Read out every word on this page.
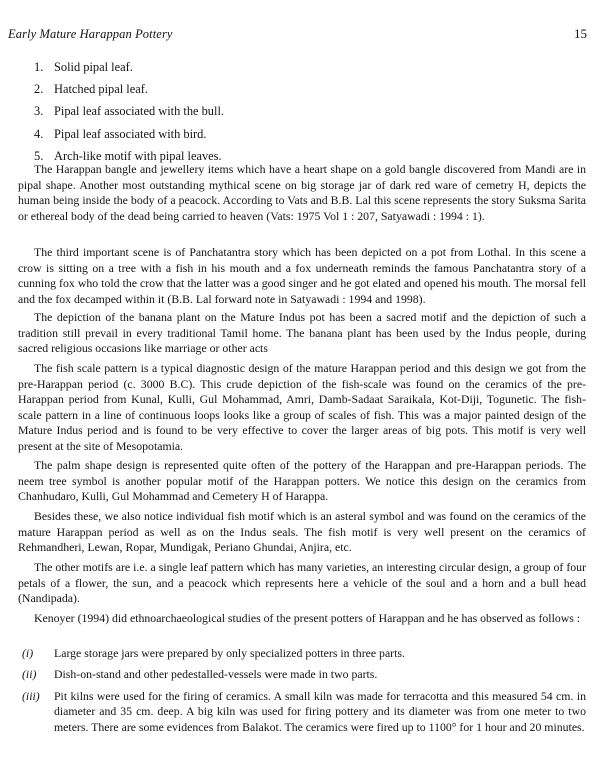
Early Mature Harappan Pottery	15
1. Solid pipal leaf.
2. Hatched pipal leaf.
3. Pipal leaf associated with the bull.
4. Pipal leaf associated with bird.
5. Arch-like motif with pipal leaves.

The Harappan bangle and jewellery items which have a heart shape on a gold bangle discovered from Mandi are in pipal shape. Another most outstanding mythical scene on big storage jar of dark red ware of cemetry H, depicts the human being inside the body of a peacock. According to Vats and B.B. Lal this scene represents the story Suksma Sarita or ethereal body of the dead being carried to heaven (Vats: 1975 Vol 1 : 207, Satyawadi : 1994 : 1).

The third important scene is of Panchatantra story which has been depicted on a pot from Lothal. In this scene a crow is sitting on a tree with a fish in his mouth and a fox underneath reminds the famous Panchatantra story of a cunning fox who told the crow that the latter was a good singer and he got elated and opened his mouth. The morsal fell and the fox decamped within it (B.B. Lal forward note in Satyawadi : 1994 and 1998).

The depiction of the banana plant on the Mature Indus pot has been a sacred motif and the depiction of such a tradition still prevail in every traditional Tamil home. The banana plant has been used by the Indus people, during sacred religious occasions like marriage or other acts

The fish scale pattern is a typical diagnostic design of the mature Harappan period and this design we got from the pre-Harappan period (c. 3000 B.C). This crude depiction of the fish-scale was found on the ceramics of the pre-Harappan period from Kunal, Kulli, Gul Mohammad, Amri, Damb-Sadaat Saraikala, Kot-Diji, Togunetic. The fish-scale pattern in a line of continuous loops looks like a group of scales of fish. This was a major painted design of the Mature Indus period and is found to be very effective to cover the larger areas of big pots. This motif is very well present at the site of Mesopotamia.

The palm shape design is represented quite often of the pottery of the Harappan and pre-Harappan periods. The neem tree symbol is another popular motif of the Harappan potters. We notice this design on the ceramics from Chanhudaro, Kulli, Gul Mohammad and Cemetery H of Harappa.

Besides these, we also notice individual fish motif which is an asteral symbol and was found on the ceramics of the mature Harappan period as well as on the Indus seals. The fish motif is very well present on the ceramics of Rehmandheri, Lewan, Ropar, Mundigak, Periano Ghundai, Anjira, etc.

The other motifs are i.e. a single leaf pattern which has many varieties, an interesting circular design, a group of four petals of a flower, the sun, and a peacock which represents here a vehicle of the soul and a horn and a bull head (Nandipada).

Kenoyer (1994) did ethnoarchaeological studies of the present potters of Harappan and he has observed as follows :

(i) Large storage jars were prepared by only specialized potters in three parts.
(ii) Dish-on-stand and other pedestalled-vessels were made in two parts.
(iii) Pit kilns were used for the firing of ceramics. A small kiln was made for terracotta and this measured 54 cm. in diameter and 35 cm. deep. A big kiln was used for firing pottery and its diameter was from one meter to two meters. There are some evidences from Balakot. The ceramics were fired up to 1100° for 1 hour and 20 minutes.
